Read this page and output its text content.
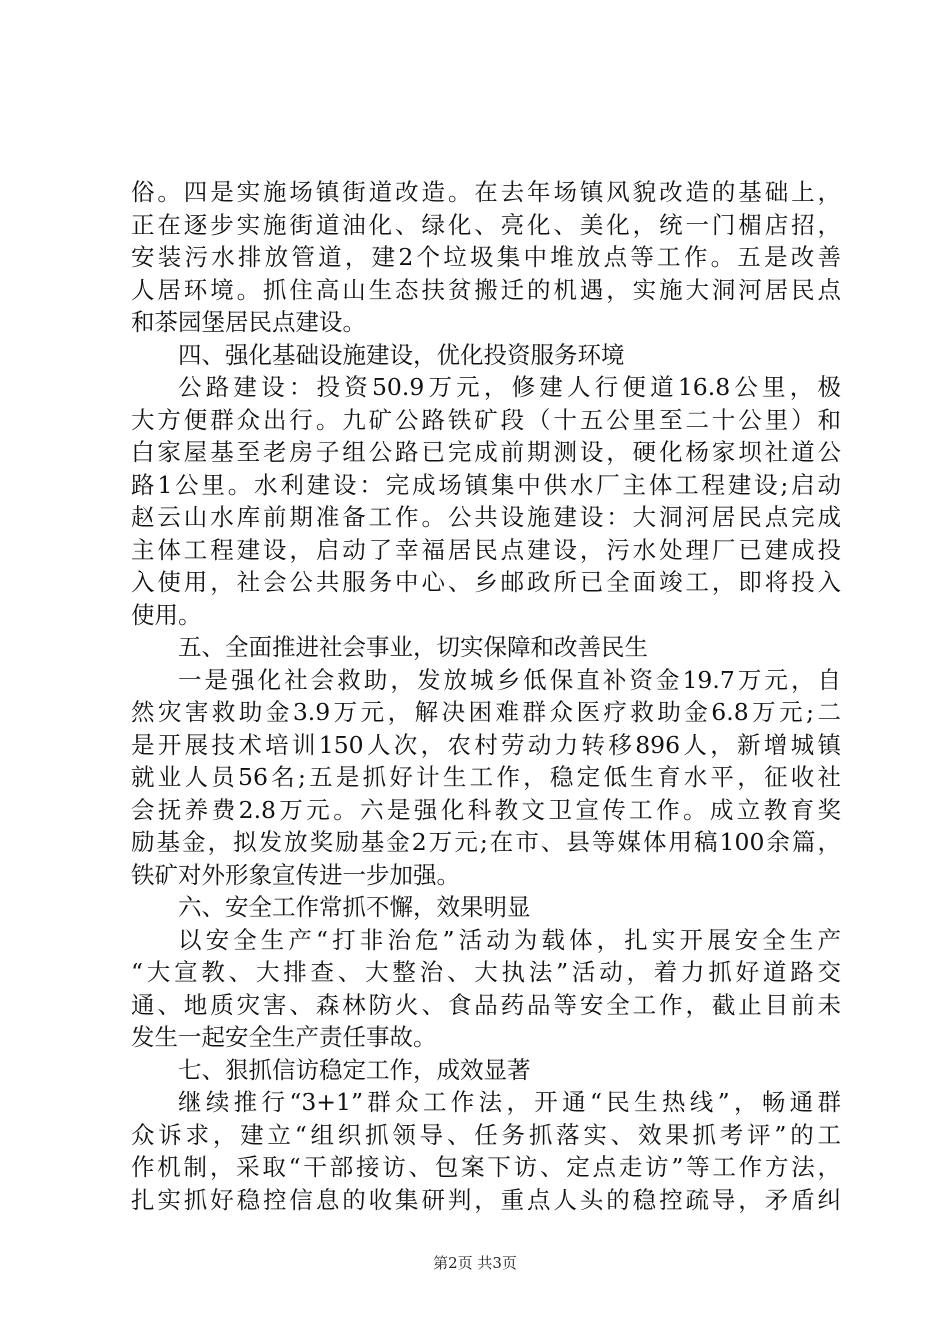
俗。四是实施场镇街道改造。在去年场镇风貌改造的基础上，
正在逐步实施街道油化、绿化、亮化、美化，统一门楣店招，
安装污水排放管道，建2个垃圾集中堆放点等工作。五是改善
人居环境。抓住高山生态扶贫搬迁的机遇，实施大洞河居民点
和茶园堡居民点建设。
四、强化基础设施建设，优化投资服务环境
公路建设：投资50.9万元，修建人行便道16.8公里，极
大方便群众出行。九矿公路铁矿段（十五公里至二十公里）和
白家屋基至老房子组公路已完成前期测设，硬化杨家坝社道公
路1公里。水利建设：完成场镇集中供水厂主体工程建设;启动
赵云山水库前期准备工作。公共设施建设：大洞河居民点完成
主体工程建设，启动了幸福居民点建设，污水处理厂已建成投
入使用，社会公共服务中心、乡邮政所已全面竣工，即将投入
使用。
五、全面推进社会事业，切实保障和改善民生
一是强化社会救助，发放城乡低保直补资金19.7万元，自
然灾害救助金3.9万元，解决困难群众医疗救助金6.8万元;二
是开展技术培训150人次，农村劳动力转移896人，新增城镇
就业人员56名;五是抓好计生工作，稳定低生育水平，征收社
会抚养费2.8万元。六是强化科教文卫宣传工作。成立教育奖
励基金，拟发放奖励基金2万元;在市、县等媒体用稿100余篇，
铁矿对外形象宣传进一步加强。
六、安全工作常抓不懈，效果明显
以安全生产“打非治危”活动为载体，扎实开展安全生产
“大宣教、大排查、大整治、大执法”活动，着力抓好道路交
通、地质灾害、森林防火、食品药品等安全工作，截止目前未
发生一起安全生产责任事故。
七、狠抓信访稳定工作，成效显著
继续推行“3+1”群众工作法，开通“民生热线”，畅通群
众诉求，建立“组织抓领导、任务抓落实、效果抓考评”的工
作机制，采取“干部接访、包案下访、定点走访”等工作方法，
扎实抓好稳控信息的收集研判，重点人头的稳控疏导，矛盾纠
第2页 共3页
